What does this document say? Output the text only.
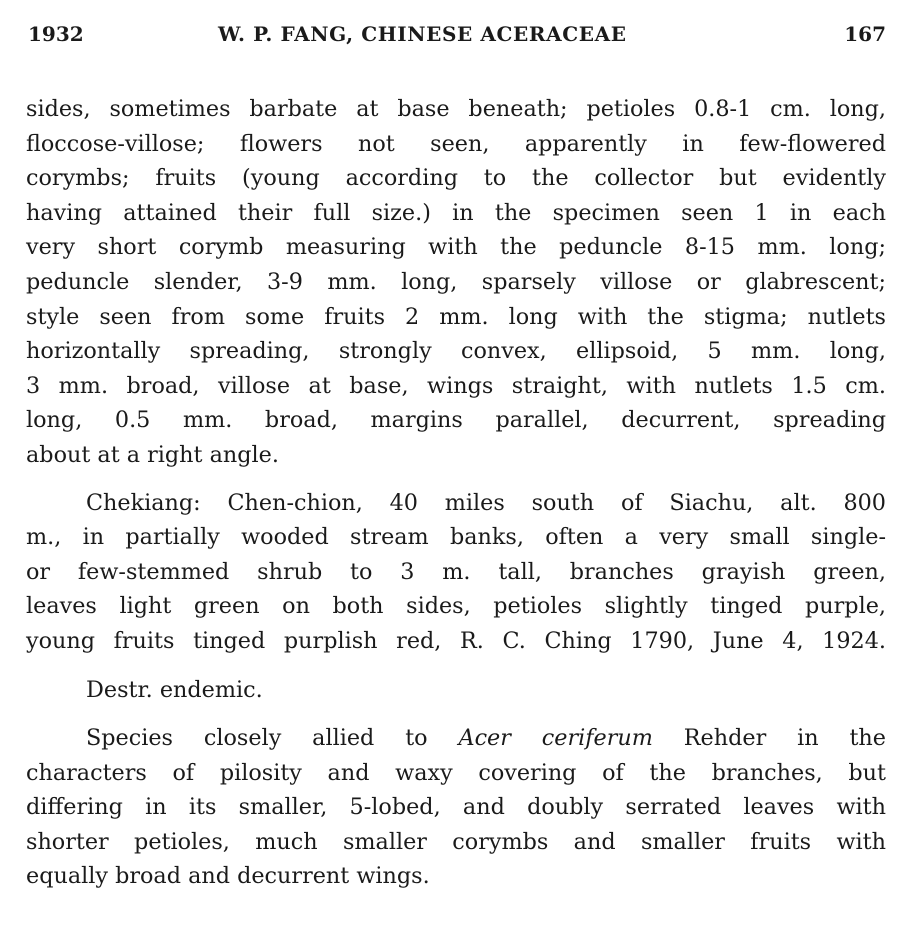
1932	W. P. FANG, CHINESE ACERACEAE	167
sides, sometimes barbate at base beneath; petioles 0.8-1 cm. long,
floccose-villose; flowers not seen, apparently in few-flowered
corymbs; fruits (young according to the collector but evidently
having attained their full size.) in the specimen seen 1 in each
very short corymb measuring with the peduncle 8-15 mm. long;
peduncle slender, 3-9 mm. long, sparsely villose or glabrescent;
style seen from some fruits 2 mm. long with the stigma; nutlets
horizontally spreading, strongly convex, ellipsoid, 5 mm. long,
3 mm. broad, villose at base, wings straight, with nutlets 1.5 cm.
long, 0.5 mm. broad, margins parallel, decurrent, spreading
about at a right angle.
Chekiang: Chen-chion, 40 miles south of Siachu, alt. 800
m., in partially wooded stream banks, often a very small single-
or few-stemmed shrub to 3 m. tall, branches grayish green,
leaves light green on both sides, petioles slightly tinged purple,
young fruits tinged purplish red, R. C. Ching 1790, June 4, 1924.
Destr. endemic.
Species closely allied to Acer ceriferum Rehder in the
characters of pilosity and waxy covering of the branches, but
differing in its smaller, 5-lobed, and doubly serrated leaves with
shorter petioles, much smaller corymbs and smaller fruits with
equally broad and decurrent wings.
